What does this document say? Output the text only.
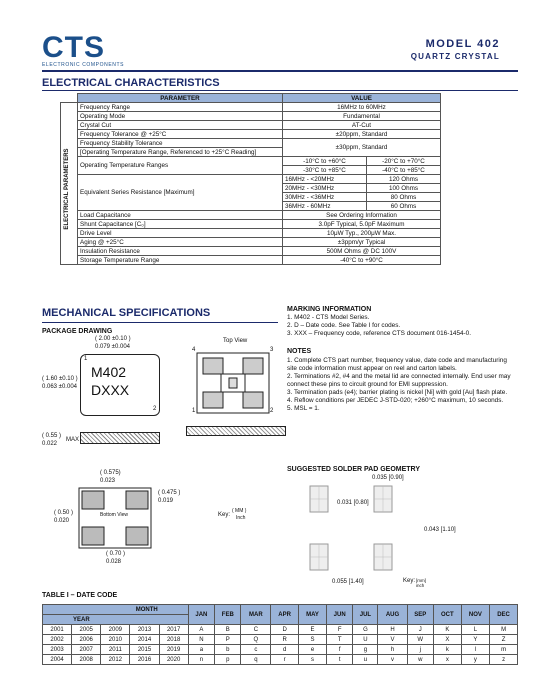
CTS
ELECTRONIC COMPONENTS
MODEL 402
QUARTZ CRYSTAL
ELECTRICAL CHARACTERISTICS
	PARAMETER	VALUE	
	Frequency Range	16MHz to 60MHz	
	Operating Mode	Fundamental	
	Crystal Cut	AT-Cut	
	Frequency Tolerance @ +25°C	±20ppm, Standard	
	Frequency Stability Tolerance	±30ppm, Standard	
	[Operating Temperature Range, Referenced to +25°C Reading]		
	Operating Temperature Ranges	-10°C to +60°C	-20°C to +70°C
		-30°C to +85°C	-40°C to +85°C
	Equivalent Series Resistance [Maximum]	16MHz - <20MHz	120 Ohms
		20MHz - <30MHz	100 Ohms
		30MHz - <36MHz	80 Ohms
		36MHz - 60MHz	60 Ohms
	Load Capacitance	See Ordering Information	
	Shunt Capacitance [C₀]	3.0pF Typical, 5.0pF Maximum	
	Drive Level	10μW Typ., 200μW Max.	
	Aging @ +25°C	±3ppm/yr Typical	
	Insulation Resistance	500M Ohms @ DC 100V	
	Storage Temperature Range	-40°C to +90°C	
ELECTRICAL PARAMETERS
MECHANICAL SPECIFICATIONS
PACKAGE DRAWING
( 2.00 ±0.10 )
0.079 ±0.004
( 1.60 ±0.10 )
0.063 ±0.004
M402
DXXX
1
2
( 0.55 )
0.022
MAX
Top View
4	3
1	2
( 0.575)
0.023
( 0.475 )
0.019
( 0.50 )
0.020
Bottom View
( 0.70 )
0.028
Key:
( MM )
Inch
MARKING INFORMATION
1. M402 - CTS Model Series.
2. D – Date code. See Table I for codes.
3. XXX – Frequency code, reference CTS document 016-1454-0.
NOTES
1. Complete CTS part number, frequency value, date code and manufacturing site code information must appear on reel and carton labels.
2. Terminations #2, #4 and the metal lid are connected internally. End user may connect these pins to circuit ground for EMI suppression.
3. Termination pads (e4); barrier plating is nickel [Ni] with gold [Au] flash plate.
4. Reflow conditions per JEDEC J-STD-020; +260°C maximum, 10 seconds.
5. MSL = 1.
SUGGESTED SOLDER PAD GEOMETRY
0.035 [0.90]
0.031 [0.80]
0.043 [1.10]
0.055 [1.40]	Key: [mm] inch
TABLE I – DATE CODE
MONTH					JAN	FEB	MAR	APR	MAY	JUN	JUL	AUG	SEP	OCT	NOV	DEC
YEAR																
2001	2005	2009	2013	2017	A	B	C	D	E	F	G	H	J	K	L	M
2002	2006	2010	2014	2018	N	P	Q	R	S	T	U	V	W	X	Y	Z
2003	2007	2011	2015	2019	a	b	c	d	e	f	g	h	j	k	l	m
2004	2008	2012	2016	2020	n	p	q	r	s	t	u	v	w	x	y	z
